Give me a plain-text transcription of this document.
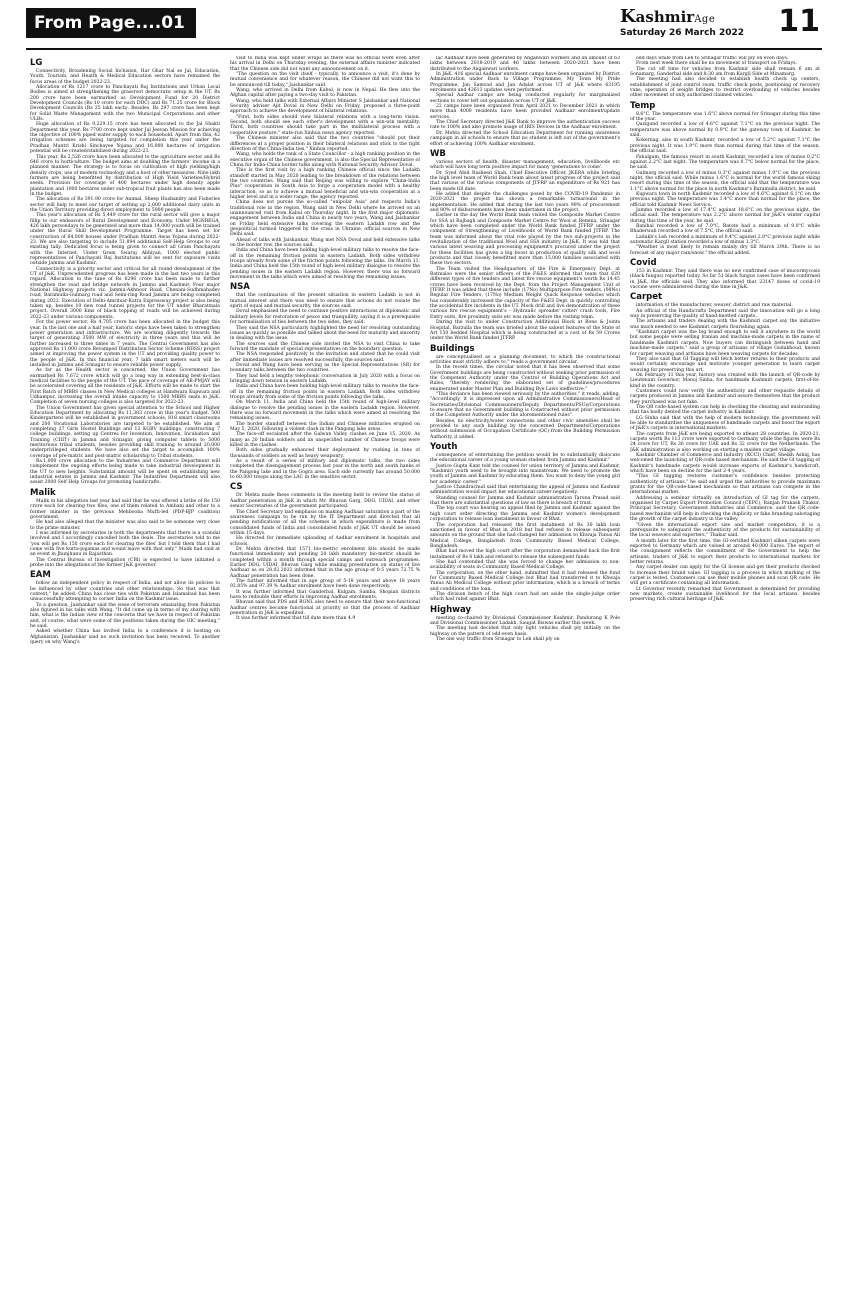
From Page....01	KashmirAge
Saturday 26 March 2022 11
LG

Connectivity, Broadening Social Inclusion, Har Ghar Nal se Jal, Education, Youth, Tourism, and Health & Medical Education sectors have remained the focus areas of the budget 2022-23.

Allocation of Rs 1217 crore to Panchayati Raj Institutions and Urban Local Bodies is aimed at strengthening the grassroot democratic setup in the UT. Rs 200 crore have been earmarked as Development Fund for 20 District Development Councils (Rs 10 crore for each DDC) and Rs 71.25 crore for Block Development Councils (Rs 25 lakh each). Besides, Rs 297 crore has been kept for Solid Waste Management with the two Municipal Corporations and other ULBs.

Huge allocation of Rs 9,229.15 crore has been allocated to the Jal Shakti Department this year. Rs 7700 crore kept under Jal Jeevan Mission for achieving the objective of 100% piped water supply to each household. Apart from this, 42 irrigation schemes are being targeted for completion this year under the Pradhan Mantri Krishi Sinchayee Yojana and 16,000 hectares of irrigation potential will be created/stabilized during 2022-23.

This year, Rs 2,526 crore have been allocated to the agriculture sector and Rs 646 crore to horticulture. The budget aims at doubling the farmers' income in a planned manner. The strategy is to focus on cultivation of high yielding/high density crops, use of modern technology and a host of other measures. Nine lakh farmers are being benefitted by distribution of High Yield Varieties/Hybrid seeds. Provision for coverage of 400 hectares under high density apple plantation and 1000 hectares under sub-tropical fruit plants has also been made in the budget.

The allocation of Rs 391.90 crore for Animal, Sheep Husbandry and Fisheries sector will help to meet our target of setting up 2,000 additional dairy units in the Union Territory providing direct employment to 5000 people.

This year's allocation of Rs 5,449 crore for the rural sector will give a major fillip to our endeavors of Rural Development and Economy. Under MGNREGA, 426 lakh persondays to be generated and more than 14,000 youth will be trained under the Rural Skill Development Programme. Target has been set for construction of 64,000 houses under Pradhan Mantri Awas Yojana during 2022-23. We are also targeting to include 51,894 additional Self-Help Groups to our existing tally. Dedicated focus is being given to connect all Gram Panchayats with the Internet. Under Gram Swaraj Abhiyan, 1000 elected public representatives of Panchayati Raj Institutions will be sent for exposure visits outside Jammu and Kashmir.

Connectivity is a priority sector and critical for all round development of the UT of J&K. Unprecedented progress has been made in the last two years in this regard. Allocation to the tune of Rs 6296 crore has been made to further strengthen the road and bridge network in Jammu and Kashmir. Four major National Highway projects viz. Jammu-Akhnoor Road, Chenani-Sudhmahadev road, Baramulla-Gulmarg road and Semi-ring Road Jammu are being completed during 2022. Execution of Delhi-Amritsar-Katra Expressway project is also being taken up, besides 10 new road tunnel projects for the UT under Bharatmala project. Overall 3000 Kms of black topping of roads will be achieved during 2022-23 under various components.

For the power sector, Rs 4,705 crore has been allocated in the budget this year. In the last one and a half year, historic steps have been taken to strengthen power generation and infrastructure. We are working diligently towards the target of generating 3500 MW of electricity in three years and this will be further increased to three times in 7 years. The Central Government has also approved Rs 11,000 crore Revamped Distribution Sector Scheme (RDSS) project aimed at improving the power system in the UT and providing quality power to the people of J&K. In this financial year, 7 lakh smart meters each will be installed in Jammu and Srinagar to ensure reliable power supply.

As far as the Health sector is concerned, the Union Government has earmarked Rs 7,672 crore which will go a long way in extending best-in-class medical facilities to the people of the UT. The pace of coverage of AB-PMJAY will be accelerated covering all the residents of J&K. Efforts will be made to start the First Batch of MBBS classes in New Medical colleges at Handwara Kupwara and Udhampur, increasing the overall intake capacity to 1500 MBBS seats in J&K. Completion of seven nursing colleges is also targeted for 2022-23.

The Union Government has given special attention to the School and Higher Education Department by allocating Rs 11,383 crore in this year's budget. 500 Kindergartens will be established in government schools; 818 smart classrooms and 200 Vocational Laboratories are targeted to be established. We aim at completing 27 Girls Hostel Buildings and 12 KGBV buildings, constructing 7 college buildings, setting up Centres for Invention, Innovation, Incubation and Training (CIIIT) in Jammu and Srinagar, giving computer tablets to 5000 meritorious tribal students, besides providing skill training to around 20,000 underprivileged students. We have also set the target to accomplish 100% coverage of pre-matric and post-matric scholarship to Tribal students.

Rs.1,000 crore allocation to the Industries and Commerce Department will complement the ongoing efforts being made to take industrial development in the UT to new heights. Substantial amount will be spent on establishing new industrial estates in Jammu and Kashmir. The Industries Department will also assist 2000 Self Help Groups for promoting handicrafts.

Malik

Malik in his allegation last year had said that he was offered a bribe of Rs 150 crore each for clearing two files, one of them related to Ambani and other to a former minister in the previous Mehbooba Mufti-led (PDP-BJP coalition) government.

He had also alleged that the minister was also said to be someone very close to the prime minister.

I was informed by secretaries in both the departments that there is a scandal involved and I accordingly cancelled both the deals. The secretaries told to me 'you will get Rs 150 crore each for clearing the files' but I told them that I had come with five kurta-pajamas and would leave with that only," Malik had said at an event in Jhunjhunu in Rajasthan.

The Central Bureau of Investigation (CBI) is expected to have initiated a probe into the allegations of the former J&K governor.

EAM

follow an independent policy in respect of India, and not allow its policies to be influenced by other countries and other relationships. So that was that context," he added. China has close ties with Pakistan and Islamabad has been unsuccessfully attempting to corner India on the Kashmir issue.

To a question, Jaishankar said the issue of terrorism emanating from Pakistan also figured in his talks with Wang. "It did come up in terms of my sharing with him, what is the Indian view of the concerns that we have in respect of Pakistan and, of course, what were some of the positions taken during the OIC meeting," he said.

Asked whether China has invited India to a conference it is hosting on Afghanistan, Jaishankar said no such invitation has been received. To another query on why Wang's

visit to India was kept under wraps as there was no official word even after his arrival in Delhi on Thursday evening, the external affairs minister indicated that the Chinese side did not want any announcement on it.

"The question on the visit itself - typically, to announce a visit, it's done by mutual convenience and for whatever reason, the Chinese did not want this to be announced till today," Jaishankar said.

Wang, who arrived in Delhi from Kabul, is now in Nepal. He flew into the Afghan capital after paying a two-day visit to Pakistan.

Wang, who held talks with External Affairs Minister S Jaishankar and National Security adviser Ajit Doval in New Delhi on Friday, proposed a three-point approach to achieve the development of bilateral relations.

"First, both sides should view bilateral relations with a long-term vision. Second, both should see each other's development with a win-win mentality. Third, both countries should take part in the multilateral process with a cooperative posture," state-run Xinhua news agency reported.

The Chinese minister also said that the two countries "should put their differences at a proper position in their bilateral relations and stick to the right direction of the China-India ties," Xinhua reported.

Wang, who holds the rank of a State Councillor - a high ranking position in the executive organ of the Chinese government, is also the Special Representative of China for India-China border talks along with National Security Advisor Doval.

This is the first visit by a high ranking Chinese official since the Ladakh standoff started in May 2020 leading to the breakdown of the relations between the two countries. Wang said that Beijing was willing to explore "China-India Plus" cooperation in South Asia to forge a cooperation model with a healthy interaction, so as to achieve a mutual beneficial and win-win cooperation at a higher level and in a wider range, the agency reported.

China does not pursue the so-called "unipolar Asia" and respects India's traditional role in the region, Wang said in New Delhi where he arrived on an unannounced visit from Kabul on Thursday night. In the first major diplomatic engagement between India and China in nearly two years, Wang and Jaishankar on Friday held extensive talks covering the eastern Ladakh row and the geopolitical turmoil triggered by the crisis in Ukraine, official sources in New Delhi said.

Ahead of talks with Jaishankar, Wang met NSA Doval and held extensive talks on the border row, the sources said.

India and China have been holding high-level military talks to resolve the face-off in the remaining friction points in eastern Ladakh. Both sides withdrew troops already from some of the friction points following the talks. On March 11, India and China held the 15th round of high-level military dialogue to resolve the pending issues in the eastern Ladakh region. However, there was no forward movement in the talks which were aimed at resolving the remaining issues.

NSA

that the continuation of the present situation in eastern Ladakh is not in mutual interest and there was need to ensure that actions do not violate the spirit of equal and mutual security, the sources said.

Doval emphasised the need to continue positive interactions at diplomatic and military levels for restoration of peace and tranquillity, saying it is a prerequisite for normalisation of ties between the two sides, they said.

They said the NSA particularly highlighted the need for resolving outstanding issues as quickly as possible and talked about the need for maturity and sincerity in dealing with the issue.

The sources said the Chinese side invited the NSA to visit China to take forward the mandate of special representatives on the boundary question.

The NSA responded positively to the invitation and stated that he could visit after immediate issues are resolved successfully, the sources said.

Doval and Wang have been serving as the Special Representatives (SR) for boundary talks between the two countries.

They had held a lengthy telephonic conversation in July 2020 with a focus on bringing down tension in eastern Ladakh.

India and China have been holding high-level military talks to resolve the face-off in the remaining friction points in eastern Ladakh. Both sides withdrew troops already from some of the friction points following the talks.

On March 11, India and China held the 15th round of high-level military dialogue to resolve the pending issues in the eastern Ladakh region. However, there was no forward movement in the talks which were aimed at resolving the remaining issues.

The border standoff between the Indian and Chinese militaries erupted on May 5, 2020, following a violent clash in the Pangong lake areas.

The face-off escalated after the Galwan Valley clashes on June 15, 2020. As many as 20 Indian soldiers and an unspecified number of Chinese troops were killed in the clashes.

Both sides gradually enhanced their deployment by rushing in tens of thousands of soldiers as well as heavy weaponry.

As a result of a series of military and diplomatic talks, the two sides completed the disengagement process last year in the north and south banks of the Pangong lake and in the Gogra area. Each side currently has around 50,000 to 60,000 troops along the LAC in the sensitive sector.

CS

Dr. Mehta made these comments in the meeting held to review the status of Aadhar penetration in J&K in which Mr. Bhuvan Garg, DDG, UIDAI, and other senior Secretaries of the government participated.

The Chief Secretary laid emphasis on making Aadhaar saturation a part of the awareness campaign to be run by the IT Department and directed that all pending notifications of all the schemes in which expenditure is made from consolidated funds of India and consolidated funds of J&K UT should be issued within 15 days.

He directed for immediate uploading of Aadhar enrolment in hospitals and schools.

Dr. Mehta directed that 1571 bio-metric enrolment kits should be made functional immediately and pending 20 lakh mandatory bio-metric should be completed within a month through special camps and outreach programmes. Earlier DDG, UIDAI, Bhuvan Garg while making presentation on status of live Aadhaar as on 28.02.2022 informed that in the age group of 0-5 years 72.75 % Aadhaar penetration has been done.

The further informed that in age group of 5-18 years and above 18 years 92.85% and 97.39 % Aadhar enrolment have been done respectively.

It was further informed that Ganderbal, Kulgam, Samba, Shopian districts have to redouble their efforts in improving Aadhar enrolments.

Bhuvan said that PDS and BGNL also need to ensure that their non-functional Aadhar centres become functional at priority so that the process of Aadhaar penetration in J&K is expedited.

It was further informed that till date more than 4.9

lac Aadhaar have been generated by Anganwari workers and an amount of 63 lakhs between 2018-2019 and 46 lakhs between 2020-2021 have been distributed to the Anganwari workers.

In J&K, 416 special Aadhaar enrolment camps have been organized by District Administration under Back to Village Programme, My Town My Pride Programme, Jan Samvad and Jan Adalat across UT of J&K where 63195 enrolments and 42613 updates were performed.

Special Aadhar camps are being conducted regularly for marginalized sections to cover left out population across UT of J&K.

22 camps have been organized from April 2021 to December 2021 in which more than 4000 residents have been provided Aadhaar enrolment/update services.

The Chief Secretary directed J&K Bank to improve the authentication success rate to 100% and also promote usage of IRIS Devices in the Aadhaar enrolment.

Dr. Mehta directed the School Education Department for running awareness campaign in all schools to ensure that no student is left out of the government's effort of achieving 100% Aadhaar enrolment.

WB

various sectors of health, disaster management, education, livelihoods etc which will have long term positive impact for many 'generations to come'.

Dr. Syed Abid Rasheed Shah, Chief Executive Officer, JKERA while briefing the high level team of World Bank team about latest progress of the project said that various of the various components of JTFRP an expenditure of Rs 921 has been made till date.

He added that despite the challenges posed by the COVID-19 Pandemic in 2020-2021 the project has shown a remarkable turnaround in the implementation. He added that during the last two years 90% of procurement and 80% of disbursements have been undertaken in the project.

Earlier in the day the World Bank team visited the Composite Market Centre for SSA at Rajbagh and Composite Market Centre for Wool at Bemina, Srinagar which have been completed under the World Bank funded JTFRP under the component of Strengthening of Livelihoods of World Bank funded JTFRP. The team was informed about the vital role played by the two sub-projects in the revitalization of the traditional Wool and SSA industry in J&K. It was told that various latest weaving and processing equipment's procured under the project for these facilities has given a big boost in production of quality silk and wool products and that closely benefitted more than 15,000 families associated with these two sectors.

The Team visited the Headquarters of the Fire & Emergency Dept. at Batmaloo were the senior officers of the F&ES informed that team that 620 different types of fire tenders and latest fire rescue equipment's worth Rs 14.45 crores have been received by the Dept. from the Project Management Unit of JTFRP. It was added that these include (17No) Multipurpose Fire tenders, (08No) Regular Fire Tenders, (17No) Medium Weight Quick Response vehicles which has considerably increased the capacity of the F&ES Dept. in quickly controlling the accidental fire incidents in the UT. Mock drill and live demonstration of these various fire rescue equipment's - Hydraulic spreader cutter/ crash tools, Fire Entry suits, fire proximity suits etc was made before the visiting team.

During the visit to under Construction Additional Block at Bone & Joints Hospital, Barzulla the team was briefed about the salient features of the State of Art 150 bedded Hospital which is being constructed at a cost of Rs 59 Crores under the World Bank funded JTFRP.

Buildings

are conceptualized as a planning document, to which the constructional activities must strictly adhere to," reads a government circular.

In the recent times, the circular noted that it has been observed that some Government buildings are being constructed without seeking prior permission of the Competent Authority under the Control of Building Operations Act and Rules, "thereby rendering the elaborated set of guidelines/procedures enumerated under Master Plan and Building Bye Laws ineffective."

"This deviance has been viewed seriously by the authorities," it reads, adding, "Accordingly, it is impressed upon all Administrative Commissioners/Head of Secretaries/Divisional Commissioners/Deputy Departments/PSUs/Corporations to ensure that no Government building is Constructed without prior permission of the Competent Authority under the aforementioned rules".

Besides, no electricity/water connections and other civic amenities shall be provided to any such building by the concerned Departments/Corporations without submission of Occupation Certificate (OC) from the Building Permission Authority, it added.

Youth

consequence of entertaining the petition would be to substantially dislocate the educational career of a young woman student from Jammu and Kashmir."

Justice Gupta Kant told the counsel for union territory of Jammu and Kashmir, "Kashmiri youth need to be brought into mainstream. We need to promote the youth of Jammu and Kashmir by educating them. You want to deny the young girl her academic career."

Justice Chandrachud said that entertaining the appeal of Jammu and Kashmir administration would impact her educational career negatively.

Standing counsel for Jammu and Kashmir administration Taruna Prasad said that there are substantial questions of law as there is breach of trust.

The top court was hearing an appeal filed by Jammu and Kashmir against the high court order directing the Jammu and Kashmir women's development corporation to release loan instalment in favour of Bhat.

The corporation had released the first instalment of Rs 30 lakh loan sanctioned in favour of Bhat in 2018 but had refused to release subsequent amounts on the ground that she had changed her admission to Khwaja Yunus Ali Medical College, Bangladesh from Community Based Medical College, Bangladesh.

Bhat had moved the high court after the corporation demanded back the first instalment of Rs 6 lakh and refused to release the subsequent funds.

She had contended that she was forced to change her admission to non-availability of seats in Community Based Medical College.

The corporation, on the other hand, submitted that it had released the fund for Community Based Medical College but Bhat had transferred it to Khwaja Yunus Ali Medical College without prior information, which is a breach of terms and conditions of the loan.

The division bench of the high court had set aside the single-judge order which had ruled against Bhat.

Highway

meeting co-chaired by Divisional Commissioner Kashmir, Pandurang K Pole and Divisional Commissioner Ladakh, Saugat Biswas earlier this week.

The meeting had decided that only light vehicles shall ply initially on the highway on the pattern of odd-even basis.

The one way traffic from Srinagar to Leh shall ply on

odd days while from Leh to Srinagar traffic will ply on even days.

From next week there shall be no movement of transport on Fridays.

The cut off time for vehicles from Kashmir side shall remain 6 am at Sonamarg, Ganderbal side and 8:30 am from Kargil Side at Minamarg.

The meeting had also decided to establish health check up centers, establishment of joint control room, traffic check posts, positioning of recovery vans, operation of weight bridges to restrict overloading of vehicles besides other movement of only authorized claimed vehicles.

Temp

8.6°C. The temperature was 1.6°C above normal for Srinagar during this time of the year.

Qazigund recorded a low of 4.6°C against 7.1°C on the previous night. The temperature was above normal by 0.9°C for the gateway town of Kashmir, he said.

Kokernag, also in south Kashmir, recorded a low of 5.2°C against 7.1°C the previous night. It was 1.9°C more than normal during this time of the season, the official said.

Pahalgam, the famous resort in south Kashmir, recorded a low of minus 0.2°C against 2.2°C last night. The temperature was 0.7°C below normal for the place, he said.

Gulmarg recorded a low of minus 0.3°C against minus 1.0°C on the previous night, the official said. While minus 1.6°C is normal for the world famous skiing resort during this time of the season, the official said that the temperature was 1.1°C above normal for the place in north Kashmir's Baramulla district, he said.

Kupwara town in north Kashmir recorded a low of 4.6°C against 6.1°C on the previous night. The temperature was 1.4°C more than normal for the place, the official told Kashmir News Service.

Jammu recorded a low of 17.4°C against 18.6°C on the previous night, the official said. The temperature was 2.2°C above normal for J&K's winter capital during this time of the year, he said.

Banihal recorded a low of 7.0°C, Batote had a minimum of 9.0°C while Bhaderwah recorded a low of 7.5°C, the official said.

Ladakh's Leh recorded a minimum of 0.4°C against 2.0°C previous night while automatic Kargil station recorded a low of minus 1.3°C.

"Weather is most likely to remain mainly dry till March 29th. There is no forecast of any major rain/snow," the official added.

Covid

153 in Kashmir. They said there was no new confirmed case of mucormycosis (black fungus) reported today. So far 51 black fungus cases have been confirmed in J&K, the officials said. They also informed that 23147 doses of covid-19 vaccine were administered during the time in J&K.

Carpet

information of the manufacturer, weaver, district and raw material.

An official of the Handicrafts Department said the innovation will go a long way in preserving the quality of hand-knotted carpets.

The artisans and traders dealing with the Kashmiri carpet say the initiative was much needed to see Kashmiri carpets flourishing again.

"Kashmiri carpet was the big brand enough to sell it anywhere in the world but some people were selling Iranian and machine-made carpets in the name of handmade Kashmiri carpets. Now buyers can distinguish between hand and machine-made carpets," said a group of artisans of village Gudakhoud, known for carpet weaving and artisans have been weaving carpets for decades.

They also said that GI Tagging will fetch better returns to their products and would certainly encourage and motivate younger generation to learn carpet weaving for preserving this art.

On February 11 this year, history was created with the launch of QR-code by Lieutenant Governor, Manoj Sinha, for handmade Kashmiri carpets, first-of-its-kind in the country.

Customers could now verify the authenticity and other requisite details of carpets produced in Jammu and Kashmir and assure themselves that the product they purchased was not fake.

The QR code-based system can help in checking the cheating and misbranding that has badly dented the carpet industry in Kashmir.

LG Sinha said that with the help of modern technology, the government will be able to standardise the uniqueness of handmade carpets and boost the export of J&K's carpets in international markets.

The carpets from J&K are being exported to atleast 28 countries. In 2020-21, carpets worth Rs 113 crore were exported to Germany while the figures were Rs 24 crore for UT, Rs 36 crore for UAE and Rs 32 crore for the Netherlands. The J&K administration is also working on starting a maiden carpet village.

Kashmir Chamber of Commerce and Industry (KCCI) Chief, Sheikh Ashiq, has welcomed the launching of QR-code based mechanism. He said the GI tagging of Kashmir's handmade carpets would increase exports of Kashmir's handicraft, which have been on decline for the last 2-4 years.

"This GI tagging restores customer's confidence besides protecting authenticity of artisans," he said and urged the authorities to provide maximum grants for the QR-code-based mechanism so that artisans can compete in the international market.

Addressing a seminar virtually on introduction of GI tag for the carpets, organised by Carpet Export Promotion Council (CEPC), Ranjan Prakash Thakur, Principal Secretary, Government Industries and Commerce, said the QR code-based mechanism will help in checking the duplicity or fake branding sabotaging the growth of the carpet industry in the valley.

"Given the international export size and market competition, it is a prerequisite to safeguard the authenticity of the products for sustainability of the local weavers and exporters," Thakur said.

A month later for the first time, the GI-certified Kashmiri silken carpets were exported to Germany which are valued at around 40,000 Euros. The export of the consignment reflects the commitment of the Government to help the artisans, traders of J&K to export their products to international markets for better returns.

Any carpet dealer can apply for the GI license and get their products checked to increase their brand value. GI tagging is a process in which marking of the carpet is tested. Customers can use their mobile phones and scan QR code. He will get a certificate containing all information.

Lt Governor recently remarked that Government is determined for providing new markets, create sustainable livelihood for the local artisans, besides preserving rich cultural heritage of J&K.
